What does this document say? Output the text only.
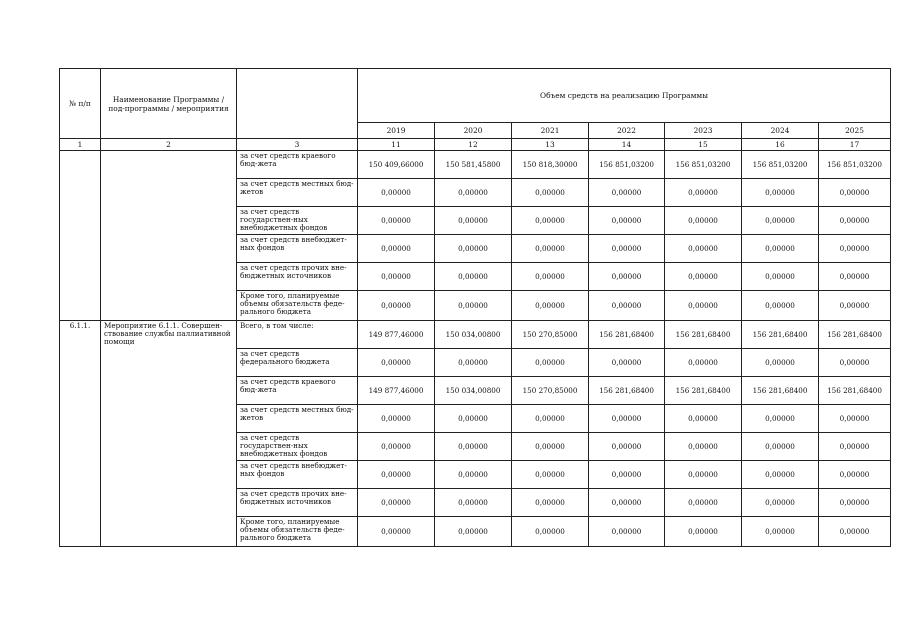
№ п/п	Наименование Программы / под-программы / мероприятия		Объем средств на реализацию Программы						
			2019	2020	2021	2022	2023	2024	2025
1	2	3	11	12	13	14	15	16	17
		за счет средств краевого бюд-жета	150 409,66000	150 581,45800	150 818,30000	156 851,03200	156 851,03200	156 851,03200	156 851,03200
		за счет средств местных бюд-жетов	0,00000	0,00000	0,00000	0,00000	0,00000	0,00000	0,00000
		за счет средств государствен-ных внебюджетных фондов	0,00000	0,00000	0,00000	0,00000	0,00000	0,00000	0,00000
		за счет средств внебюджет-ных фондов	0,00000	0,00000	0,00000	0,00000	0,00000	0,00000	0,00000
		за счет средств прочих вне-бюджетных источников	0,00000	0,00000	0,00000	0,00000	0,00000	0,00000	0,00000
		Кроме того, планируемые объемы обязательств феде-рального бюджета	0,00000	0,00000	0,00000	0,00000	0,00000	0,00000	0,00000
6.1.1.	Мероприятие 6.1.1. Совершен-ствование службы паллиативной помощи	Всего, в том числе:	149 877,46000	150 034,00800	150 270,85000	156 281,68400	156 281,68400	156 281,68400	156 281,68400
		за счет средств федерального бюджета	0,00000	0,00000	0,00000	0,00000	0,00000	0,00000	0,00000
		за счет средств краевого бюд-жета	149 877,46000	150 034,00800	150 270,85000	156 281,68400	156 281,68400	156 281,68400	156 281,68400
		за счет средств местных бюд-жетов	0,00000	0,00000	0,00000	0,00000	0,00000	0,00000	0,00000
		за счет средств государствен-ных внебюджетных фондов	0,00000	0,00000	0,00000	0,00000	0,00000	0,00000	0,00000
		за счет средств внебюджет-ных фондов	0,00000	0,00000	0,00000	0,00000	0,00000	0,00000	0,00000
		за счет средств прочих вне-бюджетных источников	0,00000	0,00000	0,00000	0,00000	0,00000	0,00000	0,00000
		Кроме того, планируемые объемы обязательств феде-рального бюджета	0,00000	0,00000	0,00000	0,00000	0,00000	0,00000	0,00000
